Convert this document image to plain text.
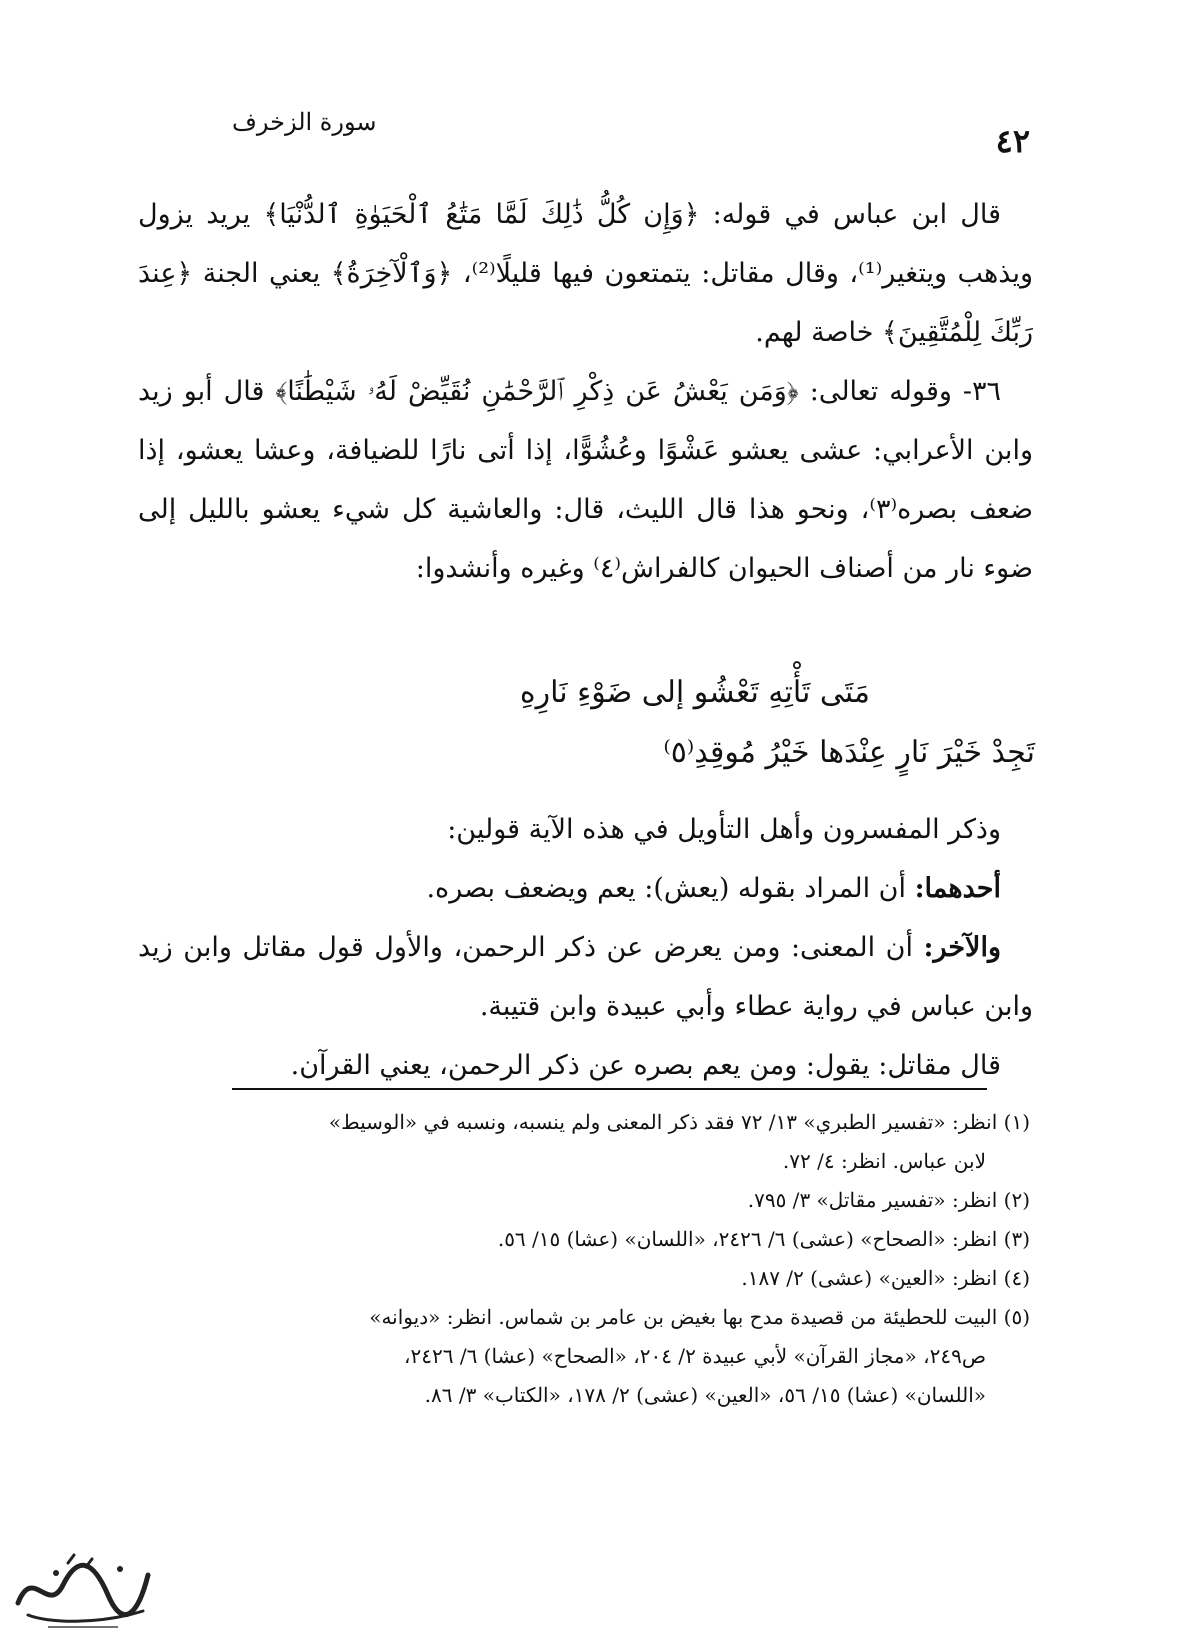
سورة الزخرف	٤٢

قال ابن عباس في قوله: ﴿وَإِن كُلُّ ذَٰلِكَ لَمَّا مَتَٰعُ ٱلْحَيَوٰةِ ٱلدُّنْيَا﴾ يريد يزول ويذهب ويتغير⁽¹⁾، وقال مقاتل: يتمتعون فيها قليلًا⁽²⁾، ﴿وَٱلْآخِرَةُ﴾ يعني الجنة ﴿عِندَ رَبِّكَ لِلْمُتَّقِينَ﴾ خاصة لهم.

٣٦- وقوله تعالى: ﴿وَمَن يَعْشُ عَن ذِكْرِ ٱلرَّحْمَٰنِ نُقَيِّضْ لَهُۥ شَيْطَٰنًا﴾ قال أبو زيد وابن الأعرابي: عشى يعشو عَشْوًا وعُشُوًّا، إذا أتى نارًا للضيافة، وعشا يعشو، إذا ضعف بصره⁽٣⁾، ونحو هذا قال الليث، قال: والعاشية كل شيء يعشو بالليل إلى ضوء نار من أصناف الحيوان كالفراش⁽٤⁾ وغيره وأنشدوا:

مَتَى تَأْتِهِ تَعْشُو إلى ضَوْءِ نَارِهِ
تَجِدْ خَيْرَ نَارٍ عِنْدَها خَيْرُ مُوقِدِ⁽٥⁾

وذكر المفسرون وأهل التأويل في هذه الآية قولين:

أحدهما: أن المراد بقوله (يعش): يعم ويضعف بصره.

والآخر: أن المعنى: ومن يعرض عن ذكر الرحمن، والأول قول مقاتل وابن زيد وابن عباس في رواية عطاء وأبي عبيدة وابن قتيبة.

قال مقاتل: يقول: ومن يعم بصره عن ذكر الرحمن، يعني القرآن.

(١) انظر: «تفسير الطبري» ١٣/ ٧٢ فقد ذكر المعنى ولم ينسبه، ونسبه في «الوسيط»

لابن عباس. انظر: ٤/ ٧٢.

(٢) انظر: «تفسير مقاتل» ٣/ ٧٩٥.

(٣) انظر: «الصحاح» (عشى) ٦/ ٢٤٢٦، «اللسان» (عشا) ١٥/ ٥٦.

(٤) انظر: «العين» (عشى) ٢/ ١٨٧.

(٥) البيت للحطيئة من قصيدة مدح بها بغيض بن عامر بن شماس. انظر: «ديوانه»

ص٢٤٩، «مجاز القرآن» لأبي عبيدة ٢/ ٢٠٤، «الصحاح» (عشا) ٦/ ٢٤٢٦،

«اللسان» (عشا) ١٥/ ٥٦، «العين» (عشى) ٢/ ١٧٨، «الكتاب» ٣/ ٨٦.
